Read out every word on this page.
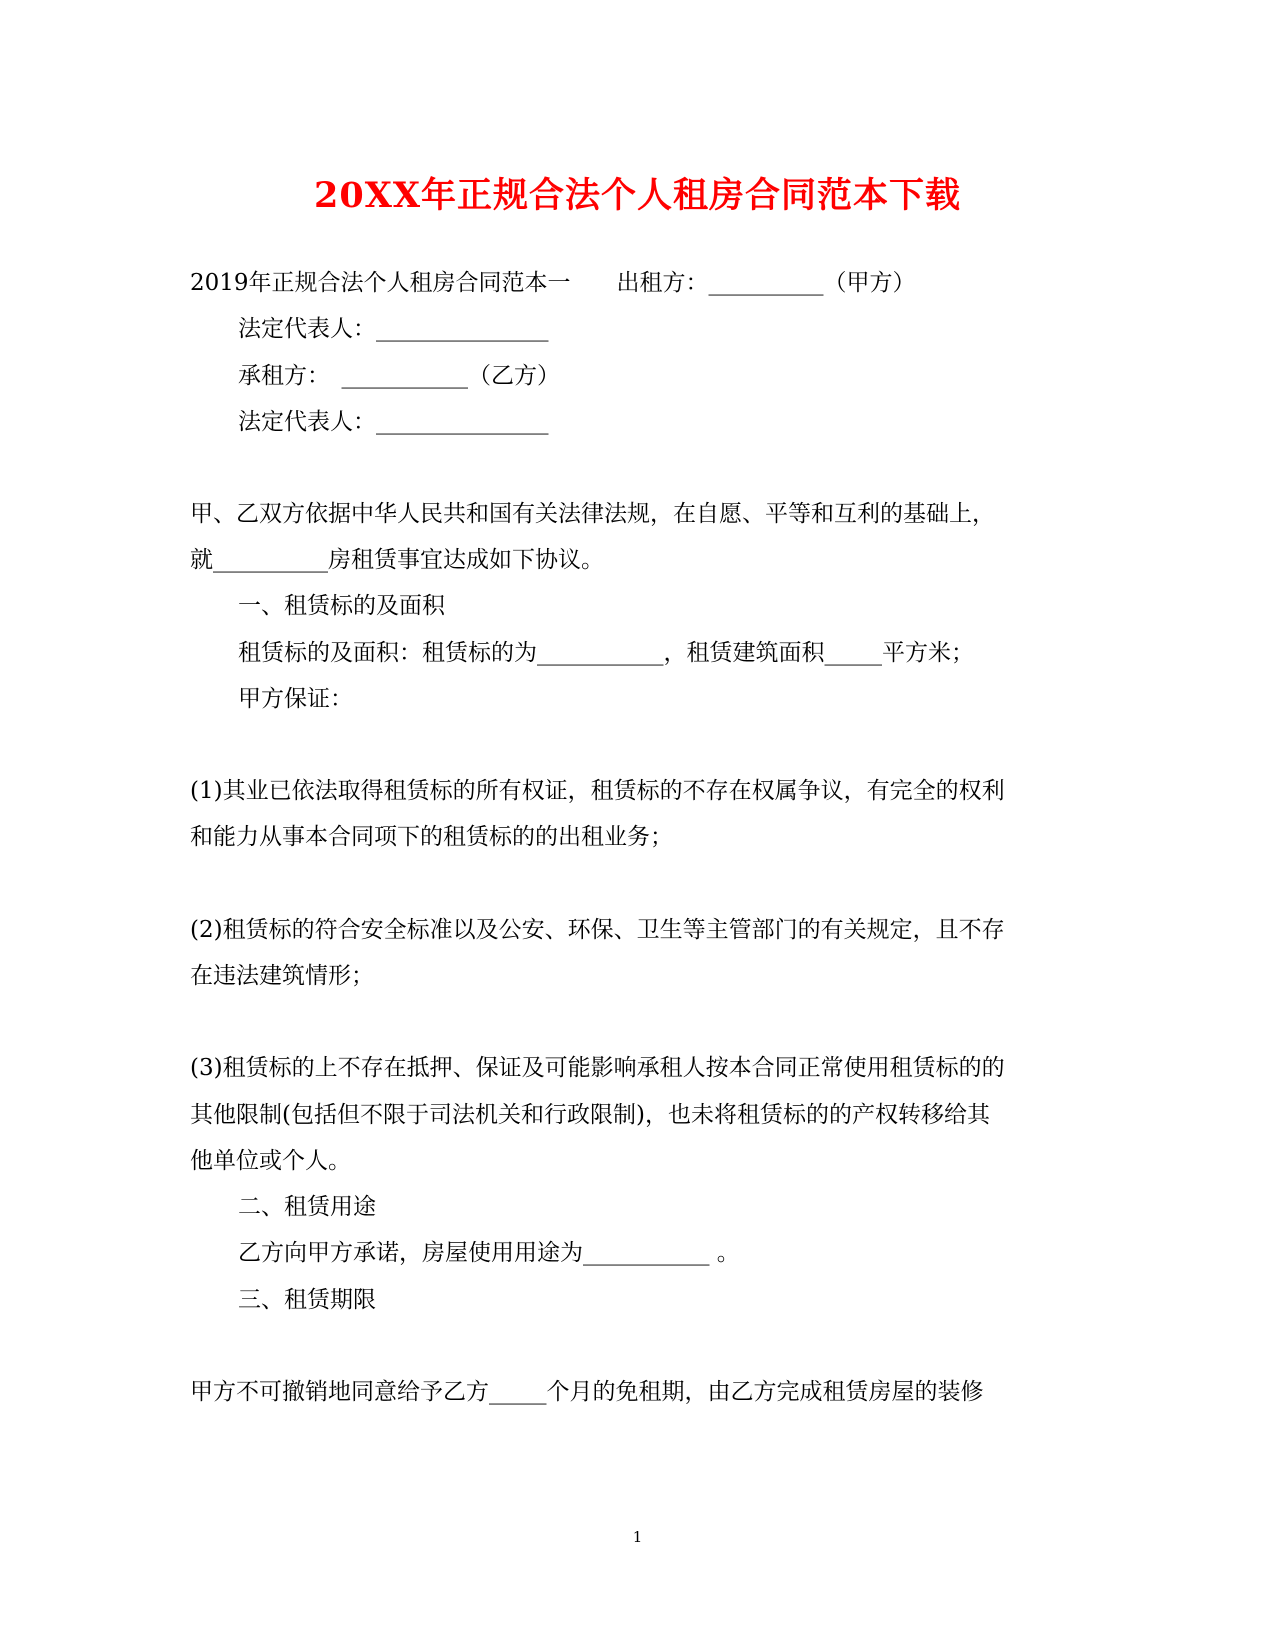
20XX年正规合法个人租房合同范本下载
2019年正规合法个人租房合同范本一　　出租方：__________（甲方）
法定代表人：_______________
承租方：　___________（乙方）
法定代表人：_______________
甲、乙双方依据中华人民共和国有关法律法规，在自愿、平等和互利的基础上，
就__________房租赁事宜达成如下协议。
一、租赁标的及面积
租赁标的及面积：租赁标的为___________，租赁建筑面积_____平方米；
甲方保证：
(1)其业已依法取得租赁标的所有权证，租赁标的不存在权属争议，有完全的权利
和能力从事本合同项下的租赁标的的出租业务；
(2)租赁标的符合安全标准以及公安、环保、卫生等主管部门的有关规定，且不存
在违法建筑情形；
(3)租赁标的上不存在抵押、保证及可能影响承租人按本合同正常使用租赁标的的
其他限制(包括但不限于司法机关和行政限制)，也未将租赁标的的产权转移给其
他单位或个人。
二、租赁用途
乙方向甲方承诺，房屋使用用途为___________ 。
三、租赁期限
甲方不可撤销地同意给予乙方_____个月的免租期，由乙方完成租赁房屋的装修
1
